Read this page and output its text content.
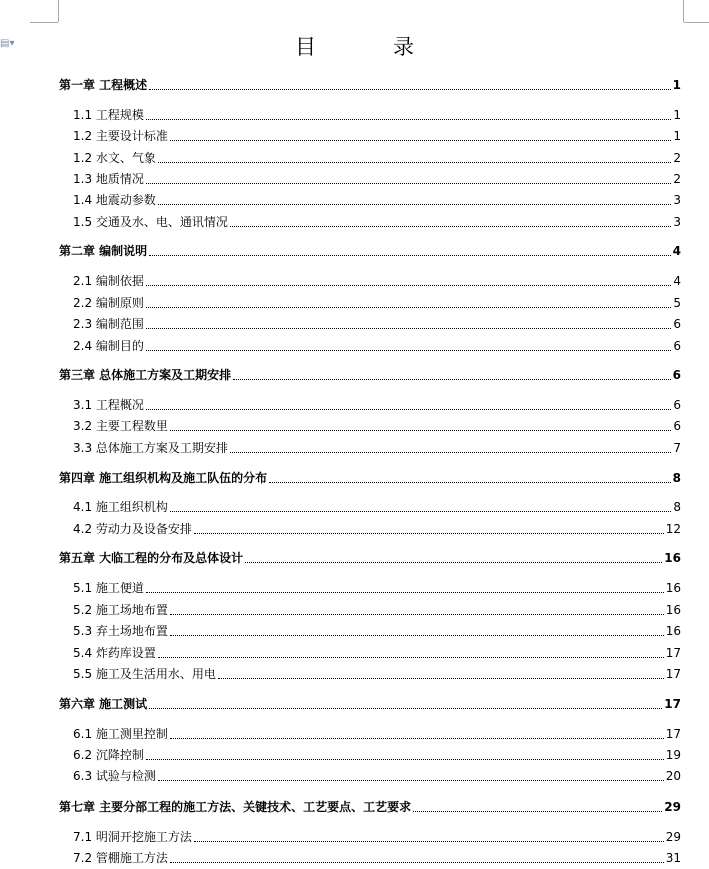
▤▾	目　录
第一章 工程概述	1
1.1 工程规模	1
1.2 主要设计标准	1
1.2 水文、气象	2
1.3 地质情况	2
1.4 地震动参数	3
1.5 交通及水、电、通讯情况	3
第二章 编制说明	4
2.1 编制依据	4
2.2 编制原则	5
2.3 编制范围	6
2.4 编制目的	6
第三章 总体施工方案及工期安排	6
3.1 工程概况	6
3.2 主要工程数里	6
3.3 总体施工方案及工期安排	7
第四章 施工组织机构及施工队伍的分布	8
4.1 施工组织机构	8
4.2 劳动力及设备安排	12
第五章 大临工程的分布及总体设计	16
5.1 施工便道	16
5.2 施工场地布置	16
5.3 弃土场地布置	16
5.4 炸药库设置	17
5.5 施工及生活用水、用电	17
第六章 施工测试	17
6.1 施工测里控制	17
6.2 沉降控制	19
6.3 试验与检测	20
第七章 主要分部工程的施工方法、关键技术、工艺要点、工艺要求	29
7.1 明洞开挖施工方法	29
7.2 管棚施工方法	31
